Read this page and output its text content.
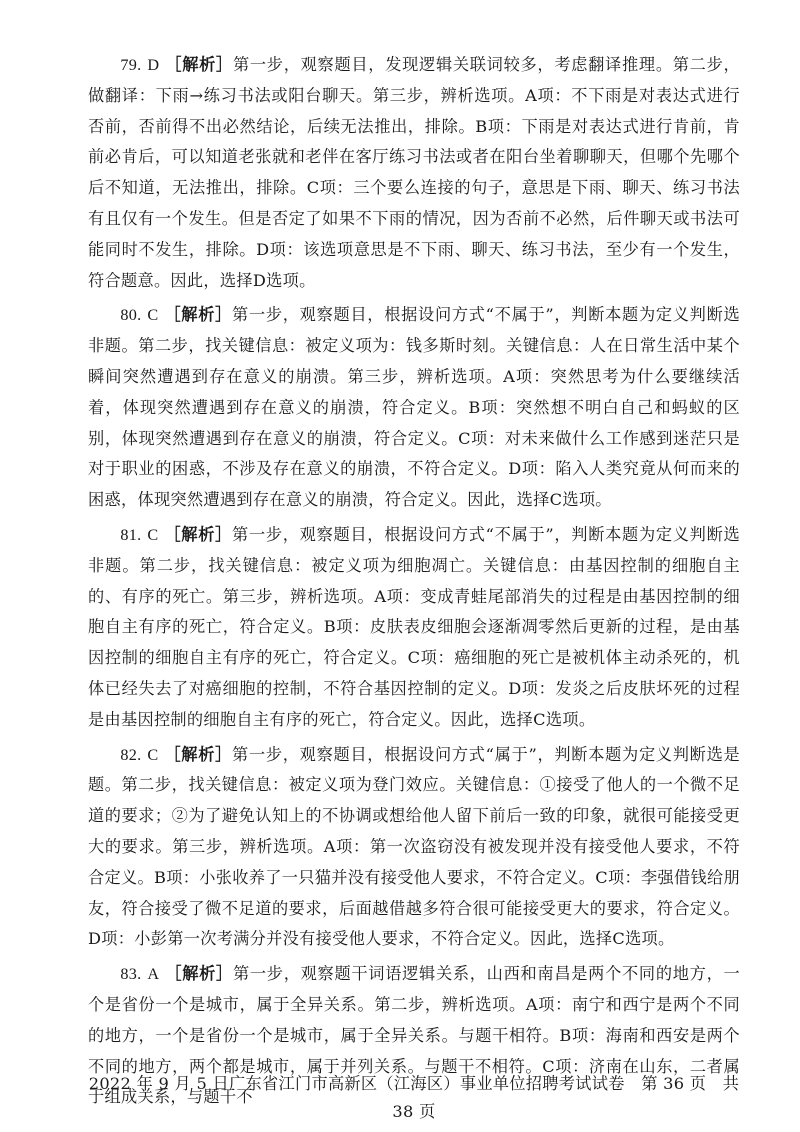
79. D ［解析］第一步，观察题目，发现逻辑关联词较多，考虑翻译推理。第二步，做翻译：下雨→练习书法或阳台聊天。第三步，辨析选项。A项：不下雨是对表达式进行否前，否前得不出必然结论，后续无法推出，排除。B项：下雨是对表达式进行肯前，肯前必肯后，可以知道老张就和老伴在客厅练习书法或者在阳台坐着聊聊天，但哪个先哪个后不知道，无法推出，排除。C项：三个要么连接的句子，意思是下雨、聊天、练习书法有且仅有一个发生。但是否定了如果不下雨的情况，因为否前不必然，后件聊天或书法可能同时不发生，排除。D项：该选项意思是不下雨、聊天、练习书法，至少有一个发生，符合题意。因此，选择D选项。

80. C ［解析］第一步，观察题目，根据设问方式“不属于”，判断本题为定义判断选非题。第二步，找关键信息：被定义项为：钱多斯时刻。关键信息：人在日常生活中某个瞬间突然遭遇到存在意义的崩溃。第三步，辨析选项。A项：突然思考为什么要继续活着，体现突然遭遇到存在意义的崩溃，符合定义。B项：突然想不明白自己和蚂蚁的区别，体现突然遭遇到存在意义的崩溃，符合定义。C项：对未来做什么工作感到迷茫只是对于职业的困惑，不涉及存在意义的崩溃，不符合定义。D项：陷入人类究竟从何而来的困惑，体现突然遭遇到存在意义的崩溃，符合定义。因此，选择C选项。

81. C ［解析］第一步，观察题目，根据设问方式“不属于”，判断本题为定义判断选非题。第二步，找关键信息：被定义项为细胞凋亡。关键信息：由基因控制的细胞自主的、有序的死亡。第三步，辨析选项。A项：变成青蛙尾部消失的过程是由基因控制的细胞自主有序的死亡，符合定义。B项：皮肤表皮细胞会逐渐凋零然后更新的过程，是由基因控制的细胞自主有序的死亡，符合定义。C项：癌细胞的死亡是被机体主动杀死的，机体已经失去了对癌细胞的控制，不符合基因控制的定义。D项：发炎之后皮肤坏死的过程是由基因控制的细胞自主有序的死亡，符合定义。因此，选择C选项。

82. C ［解析］第一步，观察题目，根据设问方式“属于”，判断本题为定义判断选是题。第二步，找关键信息：被定义项为登门效应。关键信息：①接受了他人的一个微不足道的要求；②为了避免认知上的不协调或想给他人留下前后一致的印象，就很可能接受更大的要求。第三步，辨析选项。A项：第一次盗窃没有被发现并没有接受他人要求，不符合定义。B项：小张收养了一只猫并没有接受他人要求，不符合定义。C项：李强借钱给朋友，符合接受了微不足道的要求，后面越借越多符合很可能接受更大的要求，符合定义。D项：小彭第一次考满分并没有接受他人要求，不符合定义。因此，选择C选项。

83. A ［解析］第一步，观察题干词语逻辑关系，山西和南昌是两个不同的地方，一个是省份一个是城市，属于全异关系。第二步，辨析选项。A项：南宁和西宁是两个不同的地方，一个是省份一个是城市，属于全异关系。与题干相符。B项：海南和西安是两个不同的地方，两个都是城市，属于并列关系。与题干不相符。C项：济南在山东，二者属于组成关系，与题干不

2022 年 9 月 5 日广东省江门市高新区（江海区）事业单位招聘考试试卷　第 36 页　共 38 页
